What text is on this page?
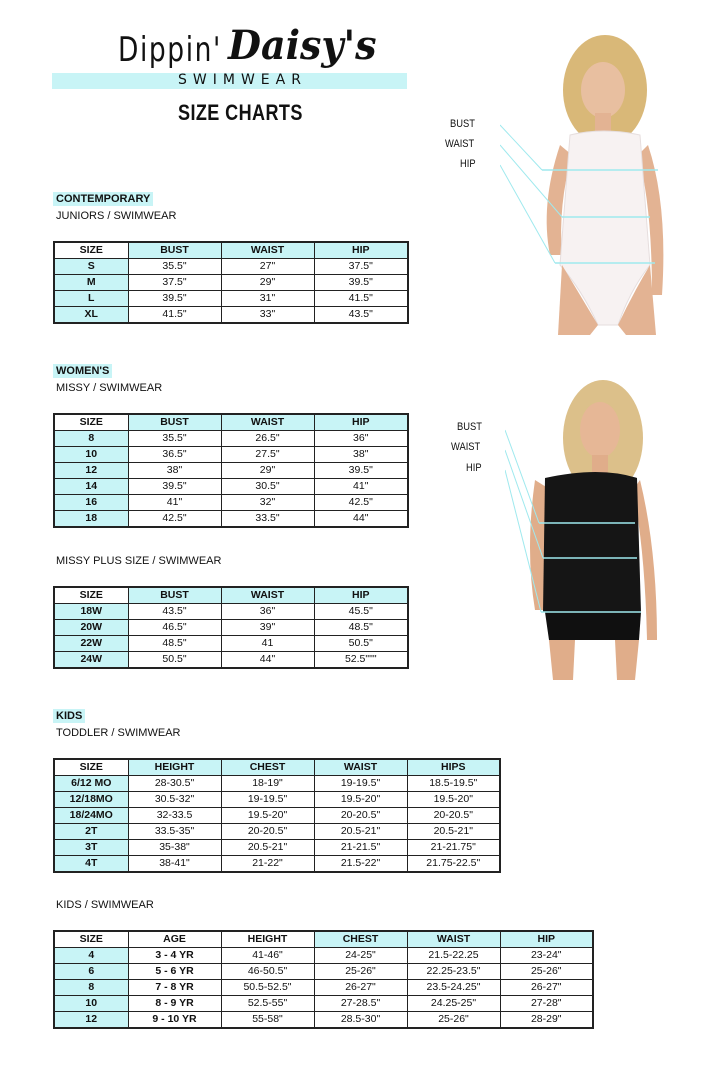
Dippin' Daisy's
SWIMWEAR
SIZE CHARTS
CONTEMPORARY
JUNIORS / SWIMWEAR
SIZE	BUST	WAIST	HIP
S	35.5"	27"	37.5"
M	37.5"	29"	39.5"
L	39.5"	31"	41.5"
XL	41.5"	33"	43.5"
WOMEN'S
MISSY / SWIMWEAR
SIZE	BUST	WAIST	HIP
8	35.5"	26.5"	36"
10	36.5"	27.5"	38"
12	38"	29"	39.5"
14	39.5"	30.5"	41"
16	41"	32"	42.5"
18	42.5"	33.5"	44"
MISSY PLUS SIZE / SWIMWEAR
SIZE	BUST	WAIST	HIP
18W	43.5"	36"	45.5"
20W	46.5"	39"	48.5"
22W	48.5"	41	50.5"
24W	50.5"	44"	52.5"""
KIDS
TODDLER / SWIMWEAR
SIZE	HEIGHT	CHEST	WAIST	HIPS
6/12 MO	28-30.5"	18-19"	19-19.5"	18.5-19.5"
12/18MO	30.5-32"	19-19.5"	19.5-20"	19.5-20"
18/24MO	32-33.5	19.5-20"	20-20.5"	20-20.5"
2T	33.5-35"	20-20.5"	20.5-21"	20.5-21"
3T	35-38"	20.5-21"	21-21.5"	21-21.75"
4T	38-41"	21-22"	21.5-22"	21.75-22.5"
KIDS / SWIMWEAR
SIZE	AGE	HEIGHT	CHEST	WAIST	HIP
4	3 - 4 YR	41-46"	24-25"	21.5-22.25	23-24"
6	5 - 6 YR	46-50.5"	25-26"	22.25-23.5"	25-26"
8	7 - 8 YR	50.5-52.5"	26-27"	23.5-24.25"	26-27"
10	8 - 9 YR	52.5-55"	27-28.5"	24.25-25"	27-28"
12	9 - 10 YR	55-58"	28.5-30"	25-26"	28-29"
BUST
WAIST
HIP
BUST
WAIST
HIP
